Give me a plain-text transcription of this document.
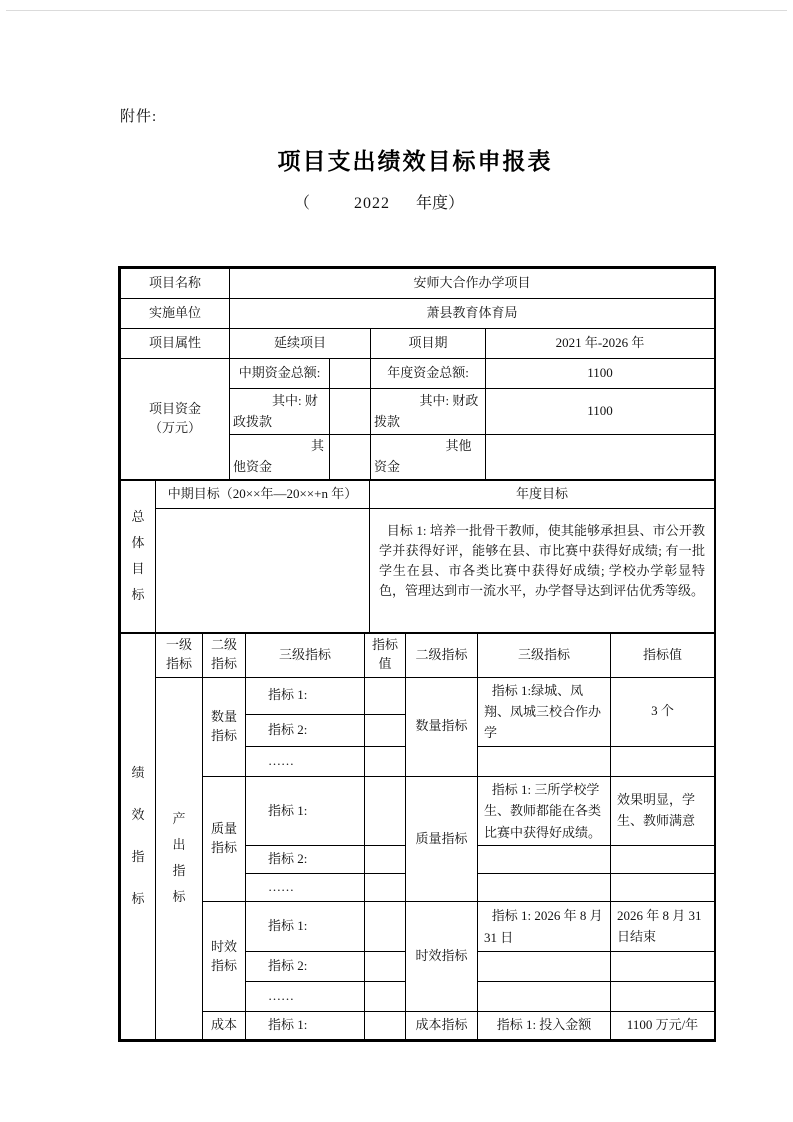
附件:
项目支出绩效目标申报表
（	2022 年度）
项目名称	安师大合作办学项目			
实施单位	萧县教育体育局			
项目属性	延续项目		项目期	2021 年-2026 年

项目资金
（万元）	中期资金总额:		年度资金总额:	1100
	其中: 财政拨款		其中: 财政拨款	1100
	其他资金		其他资金	
总体目标	中期目标（20××年—20××+n 年）	年度目标
		目标 1: 培养一批骨干教师，使其能够承担县、市公开教学并获得好评，能够在县、市比赛中获得好成绩; 有一批学生在县、市各类比赛中获得好成绩; 学校办学彰显特色，管理达到市一流水平，办学督导达到评估优秀等级。
绩效指标	一级指标	二级指标	三级指标	指标值	二级指标	三级指标	指标值
	产出指标	数量指标	指标 1:		数量指标	指标 1:绿城、凤翔、凤城三校合作办学	3 个
			指标 2:				
			……				
		质量指标	指标 1:		质量指标	指标 1: 三所学校学生、教师都能在各类比赛中获得好成绩。	效果明显，学生、教师满意
			指标 2:				
			……				
		时效指标	指标 1:		时效指标	指标 1: 2026 年 8 月 31 日	2026 年 8 月 31 日结束
			指标 2:				
			……				
		成本	指标 1:		成本指标	指标 1: 投入金额	1100 万元/年
